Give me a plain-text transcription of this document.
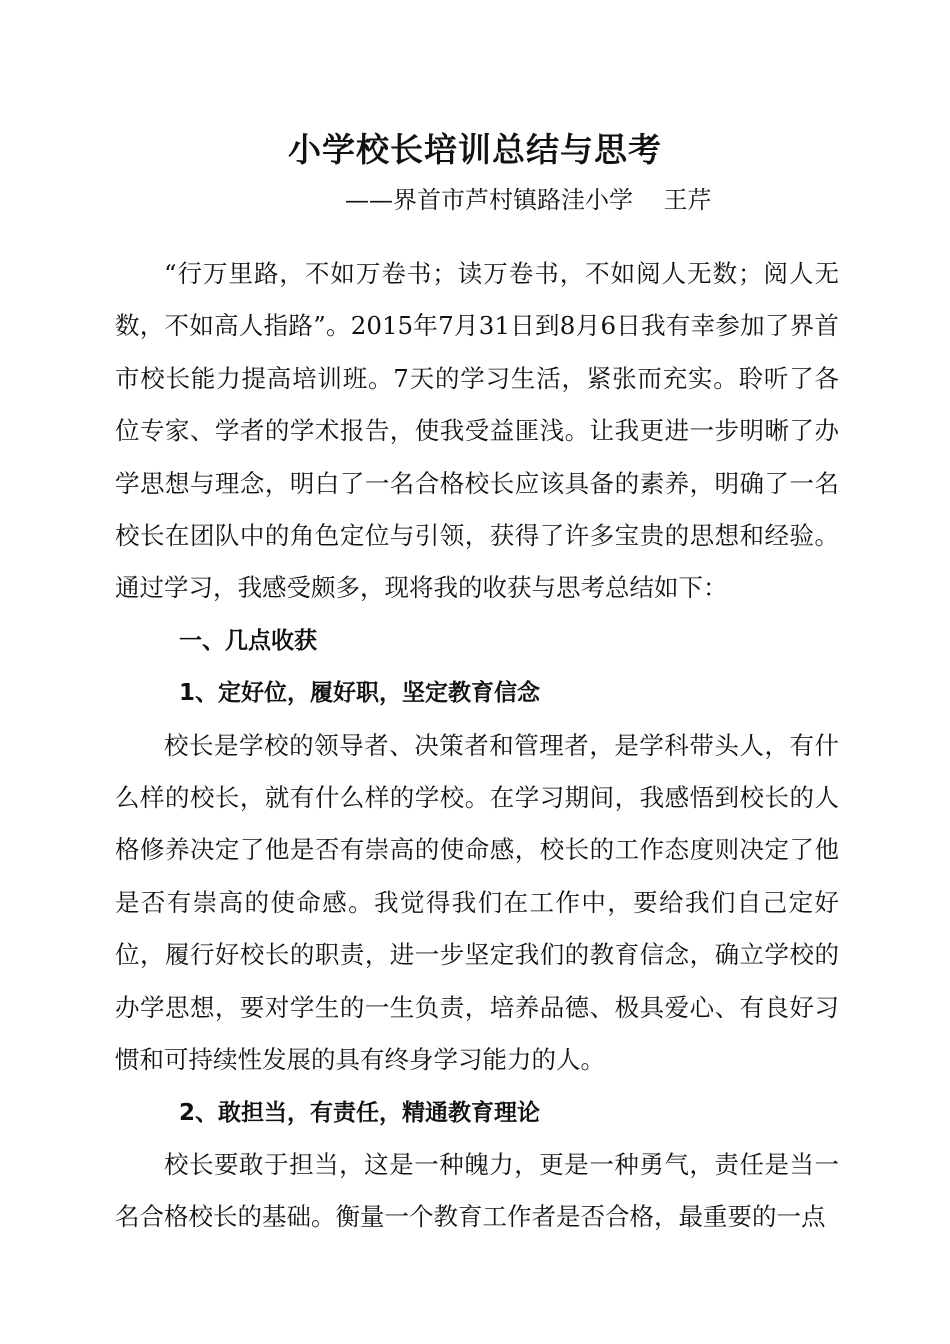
小学校长培训总结与思考

——界首市芦村镇路洼小学    王芹

“行万里路，不如万卷书；读万卷书，不如阅人无数；阅人无数，不如高人指路”。2015年7月31日到8月6日我有幸参加了界首市校长能力提高培训班。7天的学习生活，紧张而充实。聆听了各位专家、学者的学术报告，使我受益匪浅。让我更进一步明晰了办学思想与理念，明白了一名合格校长应该具备的素养，明确了一名校长在团队中的角色定位与引领，获得了许多宝贵的思想和经验。通过学习，我感受颇多，现将我的收获与思考总结如下：

一、几点收获

1、定好位，履好职，坚定教育信念

校长是学校的领导者、决策者和管理者，是学科带头人，有什么样的校长，就有什么样的学校。在学习期间，我感悟到校长的人格修养决定了他是否有崇高的使命感，校长的工作态度则决定了他是否有崇高的使命感。我觉得我们在工作中，要给我们自己定好位，履行好校长的职责，进一步坚定我们的教育信念，确立学校的办学思想，要对学生的一生负责，培养品德、极具爱心、有良好习惯和可持续性发展的具有终身学习能力的人。

2、敢担当，有责任，精通教育理论

校长要敢于担当，这是一种魄力，更是一种勇气，责任是当一名合格校长的基础。衡量一个教育工作者是否合格，最重要的一点
